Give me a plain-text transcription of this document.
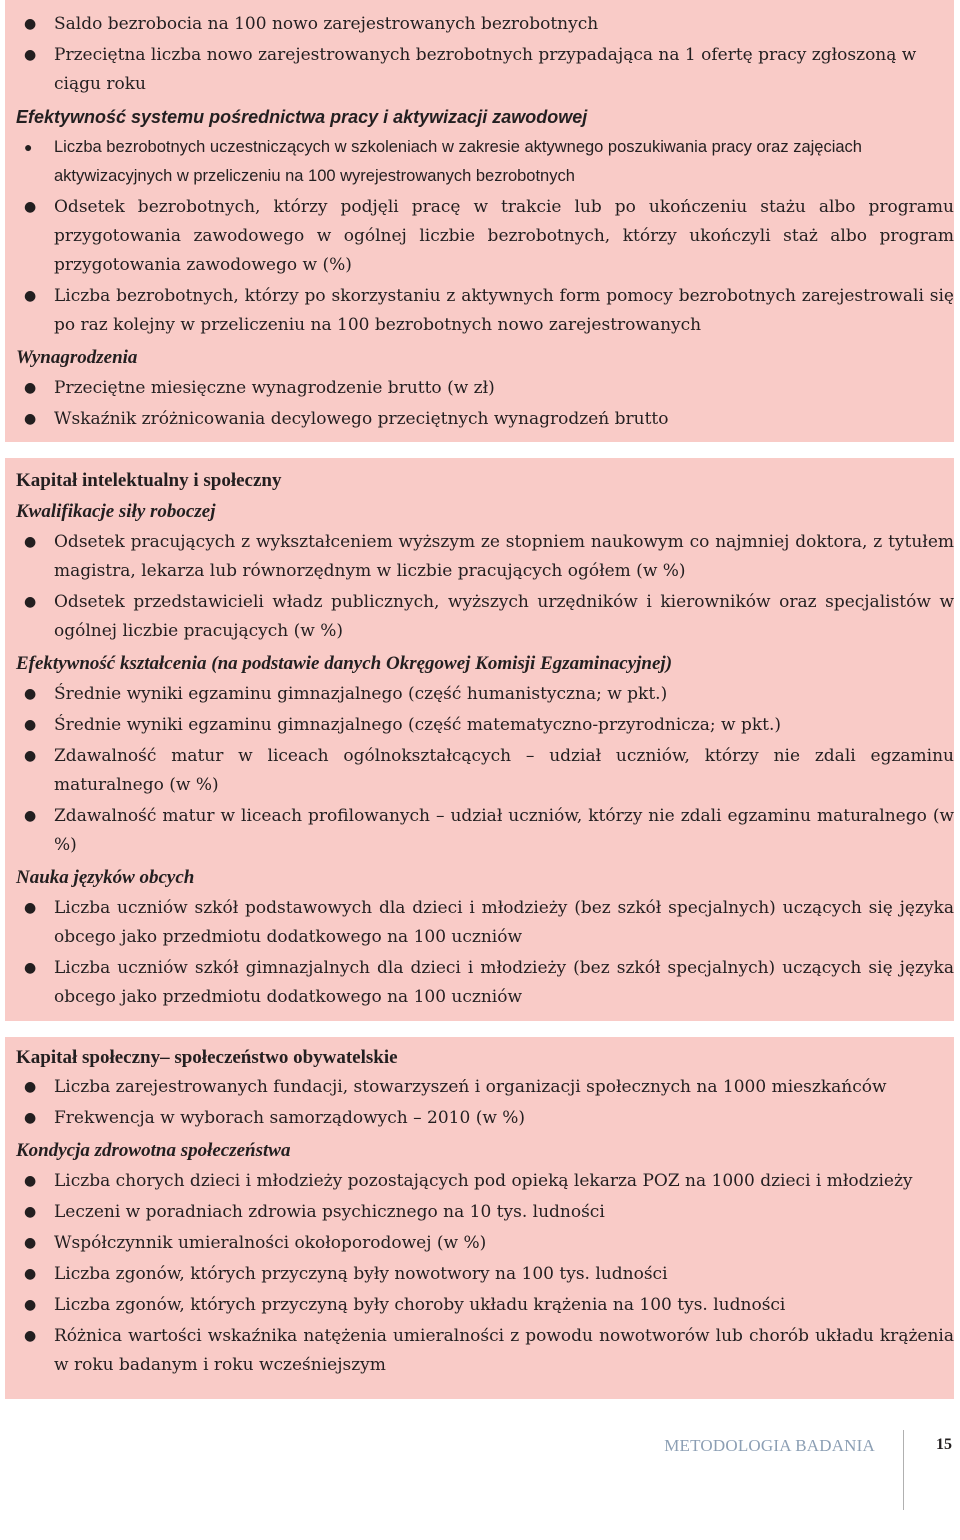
● Saldo bezrobocia na 100 nowo zarejestrowanych bezrobotnych
● Przeciętna liczba nowo zarejestrowanych bezrobotnych przypadająca na 1 ofertę pracy zgłoszoną w ciągu roku
Efektywność systemu pośrednictwa pracy i aktywizacji zawodowej
● Liczba bezrobotnych uczestniczących w szkoleniach w zakresie aktywnego poszukiwania pracy oraz zajęciach aktywizacyjnych w przeliczeniu na 100 wyrejestrowanych bezrobotnych
● Odsetek bezrobotnych, którzy podjęli pracę w trakcie lub po ukończeniu stażu albo programu przygotowania zawodowego w ogólnej liczbie bezrobotnych, którzy ukończyli staż albo program przygotowania zawodowego w (%)
● Liczba bezrobotnych, którzy po skorzystaniu z aktywnych form pomocy bezrobotnych zarejestrowali się po raz kolejny w przeliczeniu na 100 bezrobotnych nowo zarejestrowanych
Wynagrodzenia
● Przeciętne miesięczne wynagrodzenie brutto (w zł)
● Wskaźnik zróżnicowania decylowego przeciętnych wynagrodzeń brutto
Kapitał intelektualny i społeczny
Kwalifikacje siły roboczej
● Odsetek pracujących z wykształceniem wyższym ze stopniem naukowym co najmniej doktora, z tytułem magistra, lekarza lub równorzędnym w liczbie pracujących ogółem (w %)
● Odsetek przedstawicieli władz publicznych, wyższych urzędników i kierowników oraz specjalistów w ogólnej liczbie pracujących (w %)
Efektywność kształcenia (na podstawie danych Okręgowej Komisji Egzaminacyjnej)
● Średnie wyniki egzaminu gimnazjalnego (część humanistyczna; w pkt.)
● Średnie wyniki egzaminu gimnazjalnego (część matematyczno-przyrodnicza; w pkt.)
● Zdawalność matur w liceach ogólnokształcących – udział uczniów, którzy nie zdali egzaminu maturalnego (w %)
● Zdawalność matur w liceach profilowanych – udział uczniów, którzy nie zdali egzaminu maturalnego (w %)
Nauka języków obcych
● Liczba uczniów szkół podstawowych dla dzieci i młodzieży (bez szkół specjalnych) uczących się języka obcego jako przedmiotu dodatkowego na 100 uczniów
● Liczba uczniów szkół gimnazjalnych dla dzieci i młodzieży (bez szkół specjalnych) uczących się języka obcego jako przedmiotu dodatkowego na 100 uczniów
Kapitał społeczny– społeczeństwo obywatelskie
● Liczba zarejestrowanych fundacji, stowarzyszeń i organizacji społecznych na 1000 mieszkańców
● Frekwencja w wyborach samorządowych – 2010 (w %)
Kondycja zdrowotna społeczeństwa
● Liczba chorych dzieci i młodzieży pozostających pod opieką lekarza POZ na 1000 dzieci i młodzieży
● Leczeni w poradniach zdrowia psychicznego na 10 tys. ludności
● Współczynnik umieralności okołoporodowej (w %)
● Liczba zgonów, których przyczyną były nowotwory na 100 tys. ludności
● Liczba zgonów, których przyczyną były choroby układu krążenia na 100 tys. ludności
● Różnica wartości wskaźnika natężenia umieralności z powodu nowotworów lub chorób układu krążenia w roku badanym i roku wcześniejszym
METODOLOGIA BADANIA	15
